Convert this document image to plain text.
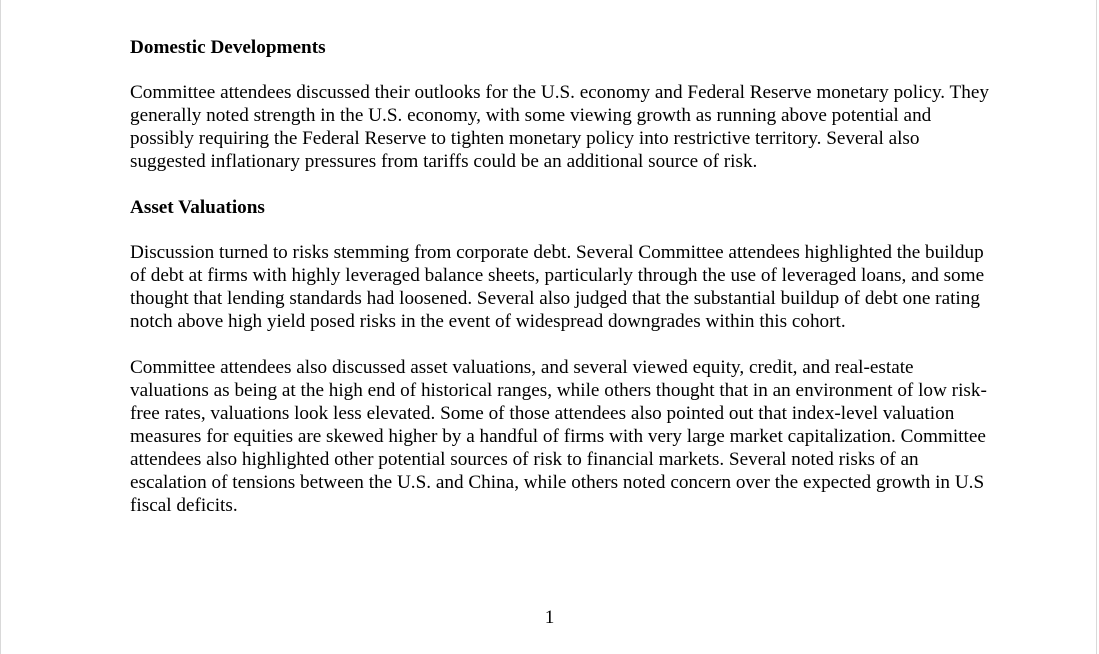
Domestic Developments

Committee attendees discussed their outlooks for the U.S. economy and Federal Reserve monetary policy. They generally noted strength in the U.S. economy, with some viewing growth as running above potential and possibly requiring the Federal Reserve to tighten monetary policy into restrictive territory. Several also suggested inflationary pressures from tariffs could be an additional source of risk.

Asset Valuations

Discussion turned to risks stemming from corporate debt. Several Committee attendees highlighted the buildup of debt at firms with highly leveraged balance sheets, particularly through the use of leveraged loans, and some thought that lending standards had loosened. Several also judged that the substantial buildup of debt one rating notch above high yield posed risks in the event of widespread downgrades within this cohort.

Committee attendees also discussed asset valuations, and several viewed equity, credit, and real-estate valuations as being at the high end of historical ranges, while others thought that in an environment of low risk-free rates, valuations look less elevated. Some of those attendees also pointed out that index-level valuation measures for equities are skewed higher by a handful of firms with very large market capitalization. Committee attendees also highlighted other potential sources of risk to financial markets. Several noted risks of an escalation of tensions between the U.S. and China, while others noted concern over the expected growth in U.S fiscal deficits.

1
